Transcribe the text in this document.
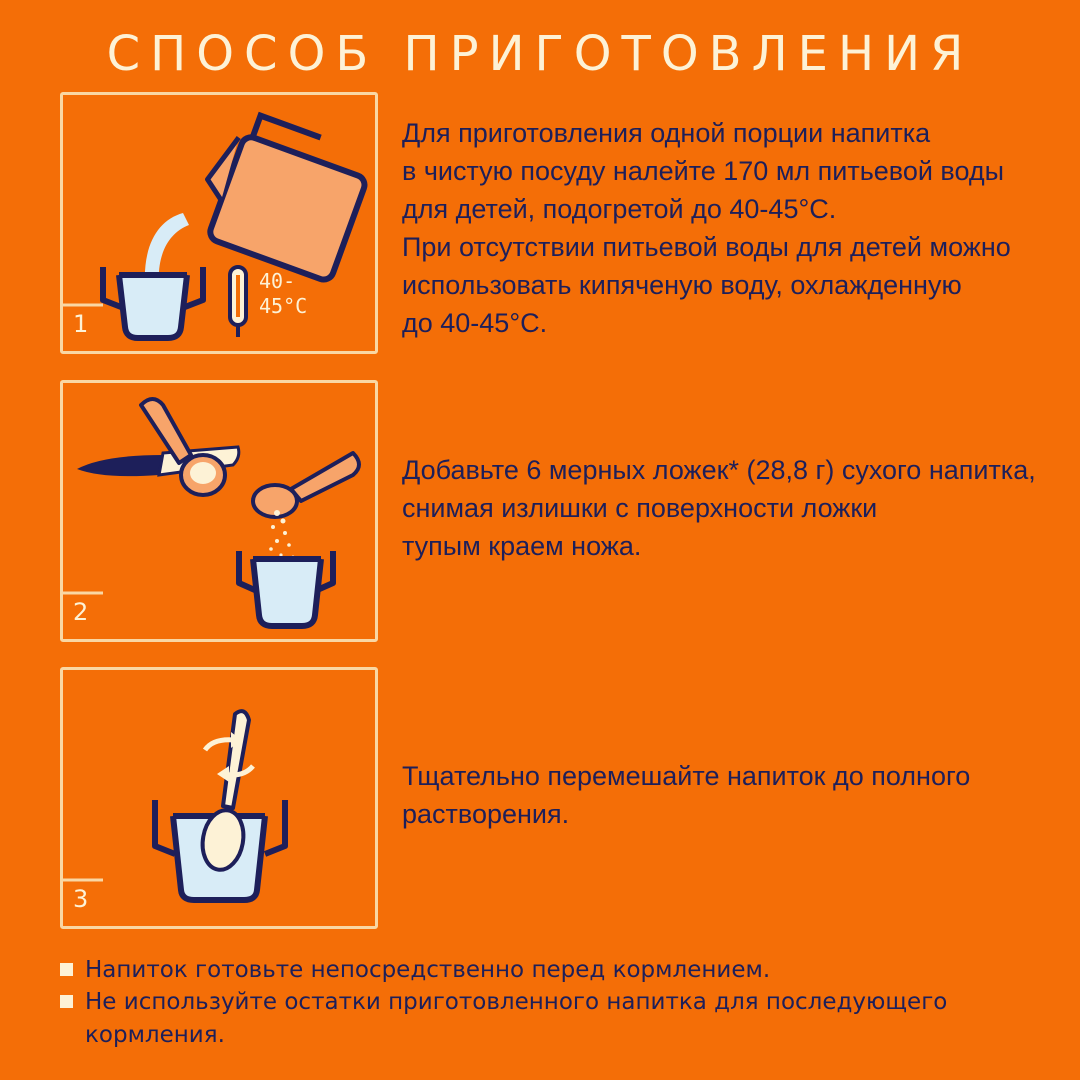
СПОСОБ ПРИГОТОВЛЕНИЯ
40-
45°C
1
Для приготовления одной порции напитка
в чистую посуду налейте 170 мл питьевой воды
для детей, подогретой до 40-45°С.
При отсутствии питьевой воды для детей можно
использовать кипяченую воду, охлажденную
до 40-45°С.
2
Добавьте 6 мерных ложек* (28,8 г) сухого напитка,
снимая излишки с поверхности ложки
тупым краем ножа.
3
Тщательно перемешайте напиток до полного
растворения.
Напиток готовьте непосредственно перед кормлением.
Не используйте остатки приготовленного напитка для последующего
кормления.
